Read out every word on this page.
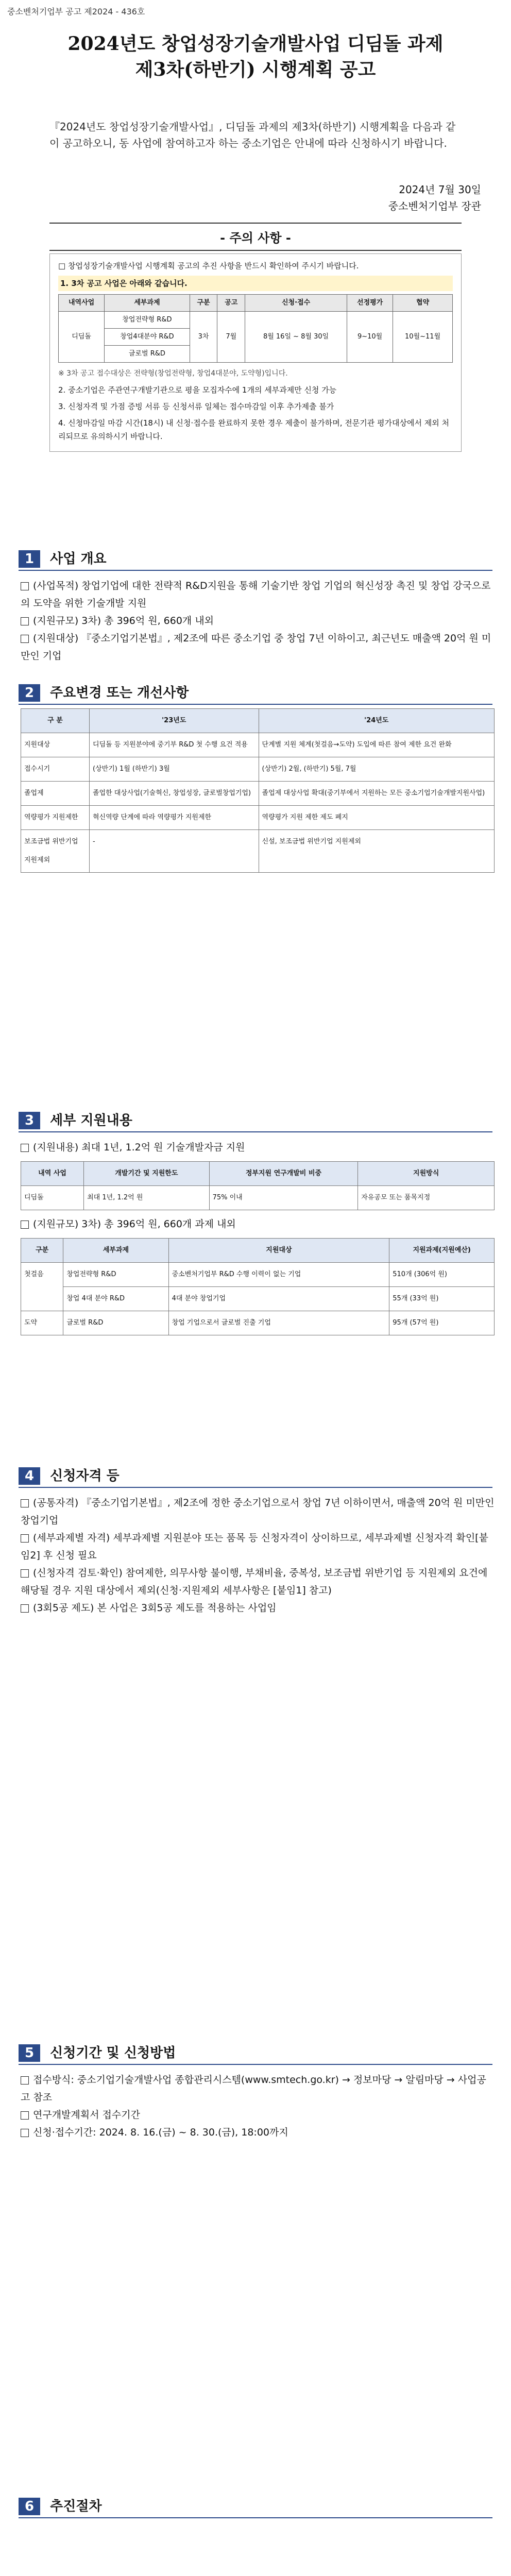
중소벤처기업부 공고 제2024 - 436호
2024년도 창업성장기술개발사업 디딤돌 과제
제3차(하반기) 시행계획 공고
『2024년도 창업성장기술개발사업』, 디딤돌 과제의 제3차(하반기) 시행계획을 다음과 같이 공고하오니, 동 사업에 참여하고자 하는 중소기업은 안내에 따라 신청하시기 바랍니다.
2024년 7월 30일
중소벤처기업부 장관
- 주의 사항 -

□ 창업성장기술개발사업 시행계획 공고의 추진 사항을 반드시 확인하여 주시기 바랍니다.

1. 3차 공고 사업은 아래와 같습니다.

내역사업	세부과제	구분	공고	신청·접수	선정평가	협약
디딤돌	창업전략형 R&D	3차	7월	8월 16일 ~ 8월 30일	9~10월	10월~11월
	창업4대분야 R&D					
	글로벌 R&D					

※ 3차 공고 접수대상은 전략형(창업전략형, 창업4대분야, 도약형)입니다.

2. 중소기업은 주관연구개발기관으로 평을 모집자수에 1개의 세부과제만 신청 가능

3. 신청자격 및 가점 증빙 서류 등 신청서류 일체는 접수마감일 이후 추가제출 불가

4. 신청마감일 마감 시간(18시) 내 신청·접수를 완료하지 못한 경우 제출이 불가하며, 전문기관 평가대상에서 제외 처리되므로 유의하시기 바랍니다.

1 사업 개요
(사업목적) 창업기업에 대한 전략적 R&D지원을 통해 기술기반 창업 기업의 혁신성장 촉진 및 창업 강국으로의 도약을 위한 기술개발 지원
(지원규모) 3차) 총 396억 원, 660개 내외
(지원대상) 『중소기업기본법』, 제2조에 따른 중소기업 중 창업 7년 이하이고, 최근년도 매출액 20억 원 미만인 기업
2 주요변경 또는 개선사항
구 분	'23년도	'24년도
지원대상	디딤돌 등 지원분야에 중기부 R&D 첫 수행 요건 적용	단계별 지원 체계(첫걸음→도약) 도입에 따른 참여 제한 요건 완화
접수시기	(상반기) 1월 (하반기) 3월	(상반기) 2월, (하반기) 5월, 7월
졸업제	졸업한 대상사업(기술혁신, 창업성장, 글로벌창업기업)	졸업제 대상사업 확대(중기부에서 지원하는 모든 중소기업기술개발지원사업)
역량평가 지원제한	혁신역량 단계에 따라 역량평가 지원제한	역량평가 지원 제한 제도 폐지
보조금법 위반기업 지원제외	-	신설, 보조금법 위반기업 지원제외
3 세부 지원내용
(지원내용) 최대 1년, 1.2억 원 기술개발자금 지원
내역 사업	개발기간 및 지원한도	정부지원 연구개발비 비중	지원방식
디딤돌	최대 1년, 1.2억 원	75% 이내	자유공모 또는 품목지정
(지원규모) 3차) 총 396억 원, 660개 과제 내외
구분	세부과제	지원대상	지원과제(지원예산)
첫걸음	창업전략형 R&D	중소벤처기업부 R&D 수행 이력이 없는 기업	510개 (306억 원)
	창업 4대 분야 R&D	4대 분야 창업기업	55개 (33억 원)
도약	글로벌 R&D	창업 기업으로서 글로벌 진출 기업	95개 (57억 원)
4 신청자격 등
(공통자격) 『중소기업기본법』, 제2조에 정한 중소기업으로서 창업 7년 이하이면서, 매출액 20억 원 미만인 창업기업
(세부과제별 자격) 세부과제별 지원분야 또는 품목 등 신청자격이 상이하므로, 세부과제별 신청자격 확인[붙임2] 후 신청 필요
(신청자격 검토·확인) 참여제한, 의무사항 불이행, 부채비율, 중복성, 보조금법 위반기업 등 지원제외 요건에 해당될 경우 지원 대상에서 제외(신청·지원제외 세부사항은 [붙임1] 참고)
(3회5공 제도) 본 사업은 3회5공 제도를 적용하는 사업임
5 신청기간 및 신청방법
접수방식: 중소기업기술개발사업 종합관리시스템(www.smtech.go.kr) → 정보마당 → 알림마당 → 사업공고 참조
연구개발계획서 접수기간
신청·접수기간: 2024. 8. 16.(금) ~ 8. 30.(금), 18:00까지
6 추진절차
